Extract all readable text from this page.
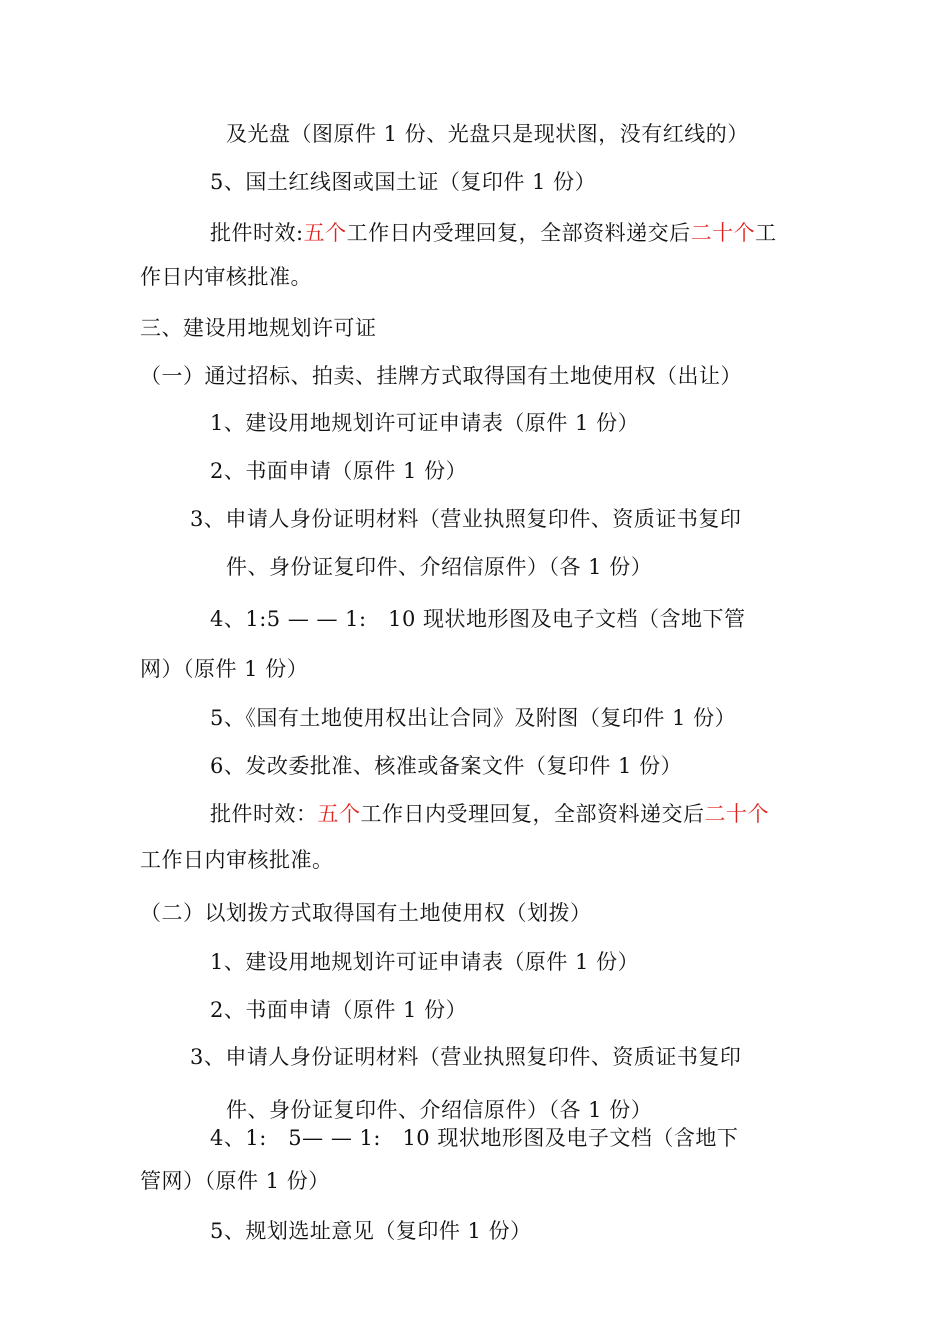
及光盘（图原件 1 份、光盘只是现状图，没有红线的）
5、国土红线图或国土证（复印件 1 份）
批件时效:五个工作日内受理回复，全部资料递交后二十个工
作日内审核批准。
三、建设用地规划许可证
（一）通过招标、拍卖、挂牌方式取得国有土地使用权（出让）
1、建设用地规划许可证申请表（原件 1 份）
2、书面申请（原件 1 份）
3、申请人身份证明材料（营业执照复印件、资质证书复印
件、身份证复印件、介绍信原件）（各 1 份）
4、1:5 — — 1:　10 现状地形图及电子文档（含地下管
网）（原件 1 份）
5、《国有土地使用权出让合同》及附图（复印件 1 份）
6、发改委批准、核准或备案文件（复印件 1 份）
批件时效：五个工作日内受理回复，全部资料递交后二十个
工作日内审核批准。
（二）以划拨方式取得国有土地使用权（划拨）
1、建设用地规划许可证申请表（原件 1 份）
2、书面申请（原件 1 份）
3、申请人身份证明材料（营业执照复印件、资质证书复印
件、身份证复印件、介绍信原件）（各 1 份）
4、1:　5— — 1:　10 现状地形图及电子文档（含地下
管网）（原件 1 份）
5、规划选址意见（复印件 1 份）
